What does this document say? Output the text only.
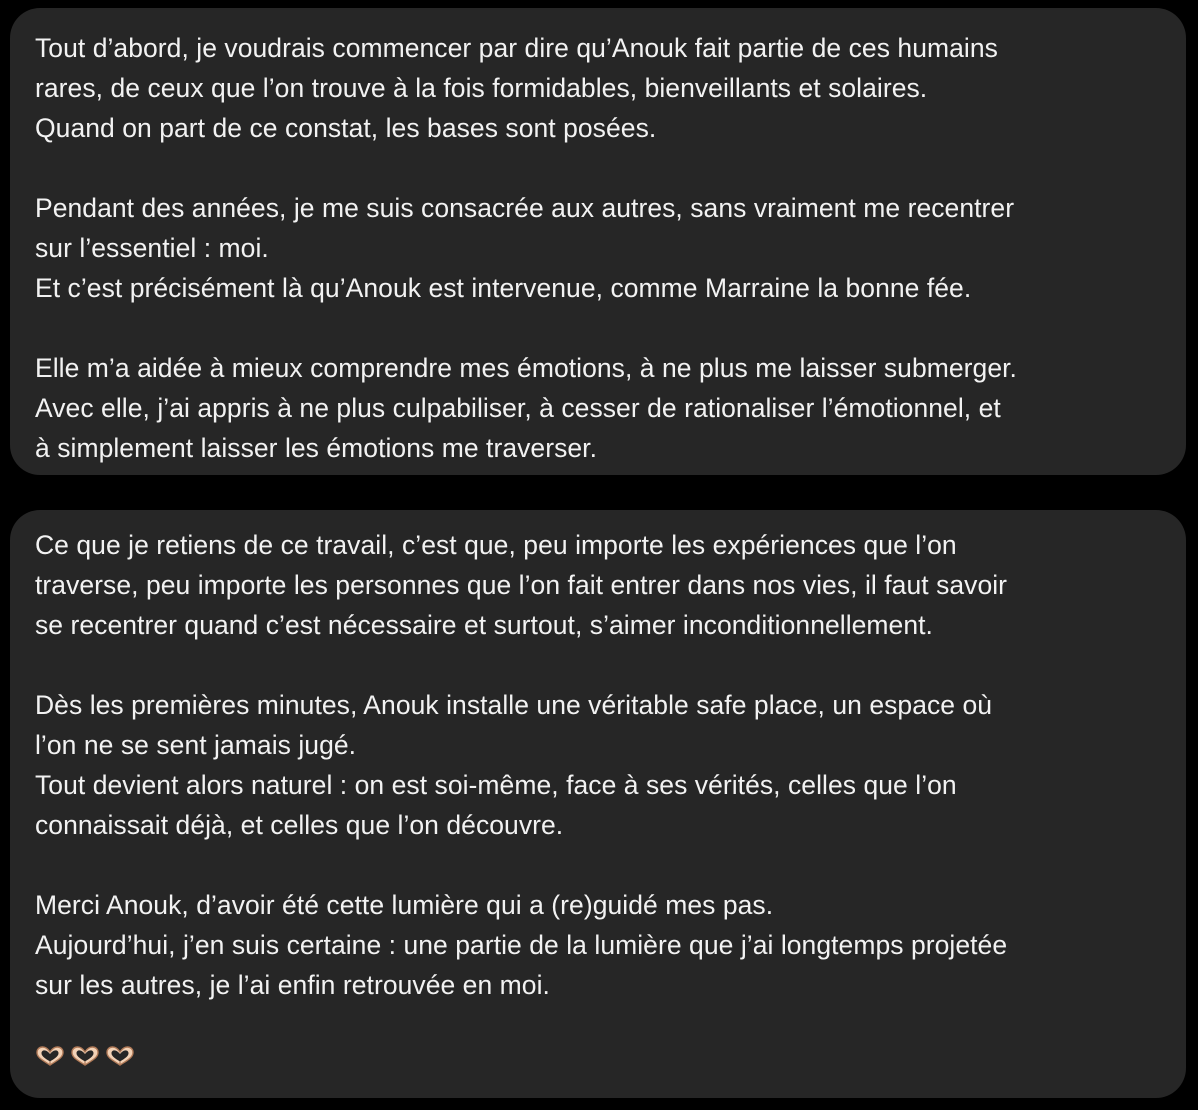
Tout d’abord, je voudrais commencer par dire qu’Anouk fait partie de ces humains
rares, de ceux que l’on trouve à la fois formidables, bienveillants et solaires.
Quand on part de ce constat, les bases sont posées.

Pendant des années, je me suis consacrée aux autres, sans vraiment me recentrer
sur l’essentiel : moi.
Et c’est précisément là qu’Anouk est intervenue, comme Marraine la bonne fée.

Elle m’a aidée à mieux comprendre mes émotions, à ne plus me laisser submerger.
Avec elle, j’ai appris à ne plus culpabiliser, à cesser de rationaliser l’émotionnel, et
à simplement laisser les émotions me traverser.

Ce que je retiens de ce travail, c’est que, peu importe les expériences que l’on
traverse, peu importe les personnes que l’on fait entrer dans nos vies, il faut savoir
se recentrer quand c’est nécessaire et surtout, s’aimer inconditionnellement.

Dès les premières minutes, Anouk installe une véritable safe place, un espace où
l’on ne se sent jamais jugé.
Tout devient alors naturel : on est soi-même, face à ses vérités, celles que l’on
connaissait déjà, et celles que l’on découvre.

Merci Anouk, d’avoir été cette lumière qui a (re)guidé mes pas.
Aujourd’hui, j’en suis certaine : une partie de la lumière que j’ai longtemps projetée
sur les autres, je l’ai enfin retrouvée en moi.
